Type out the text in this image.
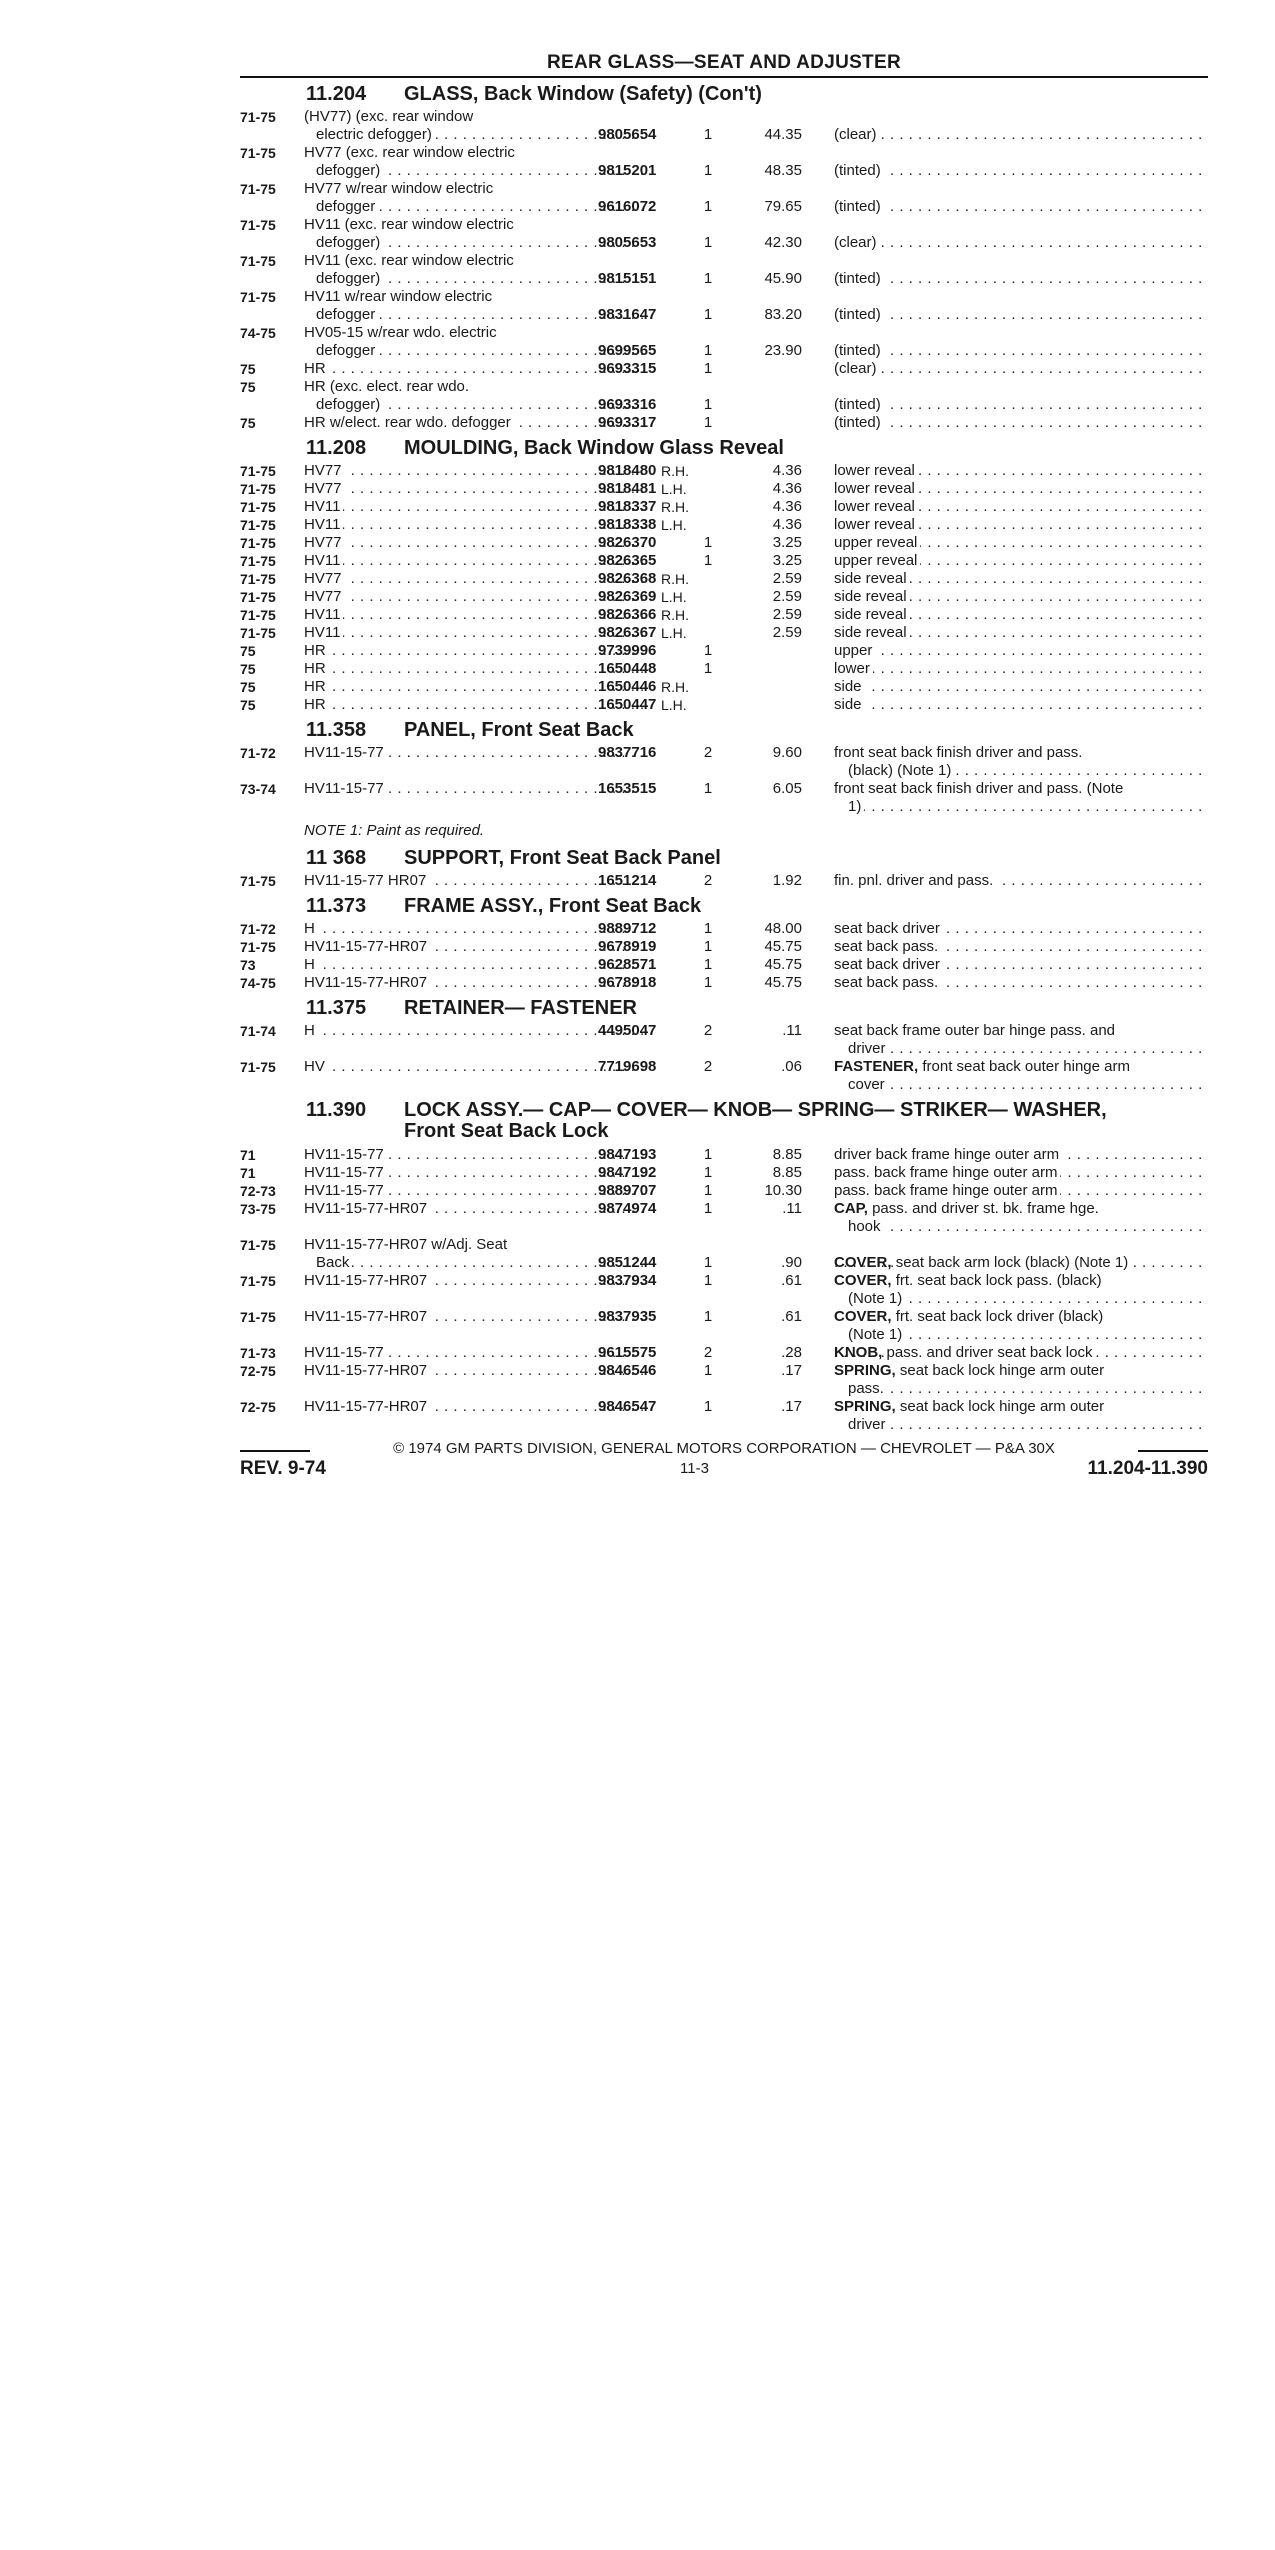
REAR GLASS—SEAT AND ADJUSTER
11.204 GLASS, Back Window (Safety) (Con't)
71-75	(HV77) (exc. rear window
electric defogger) . . .	9805654	1	44.35 (clear) . . .
71-75	HV77 (exc. rear window electric
defogger) . . .	9815201	1	48.35 (tinted) . . .
71-75	HV77 w/rear window electric
defogger . . .	9616072	1	79.65 (tinted) . . .
71-75	HV11 (exc. rear window electric
defogger) . . .	9805653	1	42.30 (clear) . . .
71-75	HV11 (exc. rear window electric
defogger) . . .	9815151	1	45.90 (tinted) . . .
71-75	HV11 w/rear window electric
defogger . . .	9831647	1	83.20 (tinted) . . .
74-75	HV05-15 w/rear wdo. electric
defogger . . .	9699565	1	23.90 (tinted) . . .
75	HR . . .	9693315	1	(clear) . . .
75	HR (exc. elect. rear wdo.
defogger) . . .	9693316	1	(tinted) . . .
75	HR w/elect. rear wdo. defogger . . .	9693317	1	(tinted) . . .
11.208 MOULDING, Back Window Glass Reveal
71-75	HV77 . . .	9818480 R.H.	4.36 lower reveal . . .
71-75	HV77 . . .	9818481 L.H.	4.36 lower reveal . . .
71-75	HV11 . . .	9818337 R.H.	4.36 lower reveal . . .
71-75	HV11 . . .	9818338 L.H.	4.36 lower reveal . . .
71-75	HV77 . . .	9826370	1	3.25 upper reveal . . .
71-75	HV11 . . .	9826365	1	3.25 upper reveal . . .
71-75	HV77 . . .	9826368 R.H.	2.59 side reveal . . .
71-75	HV77 . . .	9826369 L.H.	2.59 side reveal . . .
71-75	HV11 . . .	9826366 R.H.	2.59 side reveal . . .
71-75	HV11 . . .	9826367 L.H.	2.59 side reveal . . .
75	HR . . .	9739996	1	upper . . .
75	HR . . .	1650448	1	lower . . .
75	HR . . .	1650446 R.H.	side . . .
75	HR . . .	1650447 L.H.	side . . .
11.358 PANEL, Front Seat Back
71-72	HV11-15-77 . . .	9837716	2	9.60 front seat back finish driver and pass.
(black) (Note 1) . . .
73-74	HV11-15-77 . . .	1653515	1	6.05 front seat back finish driver and pass. (Note
1) . . .
NOTE 1: Paint as required.
11 368 SUPPORT, Front Seat Back Panel
71-75	HV11-15-77 HR07 . . .	1651214	2	1.92 fin. pnl. driver and pass. . . .
11.373 FRAME ASSY., Front Seat Back
71-72	H . . .	9889712	1	48.00 seat back driver . . .
71-75	HV11-15-77-HR07 . . .	9678919	1	45.75 seat back pass. . . .
73	H . . .	9628571	1	45.75 seat back driver . . .
74-75	HV11-15-77-HR07 . . .	9678918	1	45.75 seat back pass. . . .
11.375 RETAINER— FASTENER
71-74	H . . .	4495047	2	.11 seat back frame outer bar hinge pass. and
driver . . .
71-75	HV . . .	7719698	2	.06 FASTENER, front seat back outer hinge arm
cover . . .
11.390 LOCK ASSY.— CAP— COVER— KNOB— SPRING— STRIKER— WASHER,
Front Seat Back Lock
71	HV11-15-77 . . .	9847193	1	8.85 driver back frame hinge outer arm . . .
71	HV11-15-77 . . .	9847192	1	8.85 pass. back frame hinge outer arm . . .
72-73	HV11-15-77 . . .	9889707	1	10.30 pass. back frame hinge outer arm . . .
73-75	HV11-15-77-HR07 . . .	9874974	1	.11 CAP, pass. and driver st. bk. frame hge.
hook . . .
71-75	HV11-15-77-HR07 w/Adj. Seat
Back . . .	9851244	1	.90 COVER, seat back arm lock (black) (Note 1) . . .
71-75	HV11-15-77-HR07 . . .	9837934	1	.61 COVER, frt. seat back lock pass. (black)
(Note 1) . . .
71-75	HV11-15-77-HR07 . . .	9837935	1	.61 COVER, frt. seat back lock driver (black)
(Note 1) . . .
71-73	HV11-15-77 . . .	9615575	2	.28 KNOB, pass. and driver seat back lock . . .
72-75	HV11-15-77-HR07 . . .	9846546	1	.17 SPRING, seat back lock hinge arm outer
pass. . . .
72-75	HV11-15-77-HR07 . . .	9846547	1	.17 SPRING, seat back lock hinge arm outer
driver . . .
© 1974 GM PARTS DIVISION, GENERAL MOTORS CORPORATION — CHEVROLET — P&A 30X
REV. 9-74	11-3	11.204-11.390
